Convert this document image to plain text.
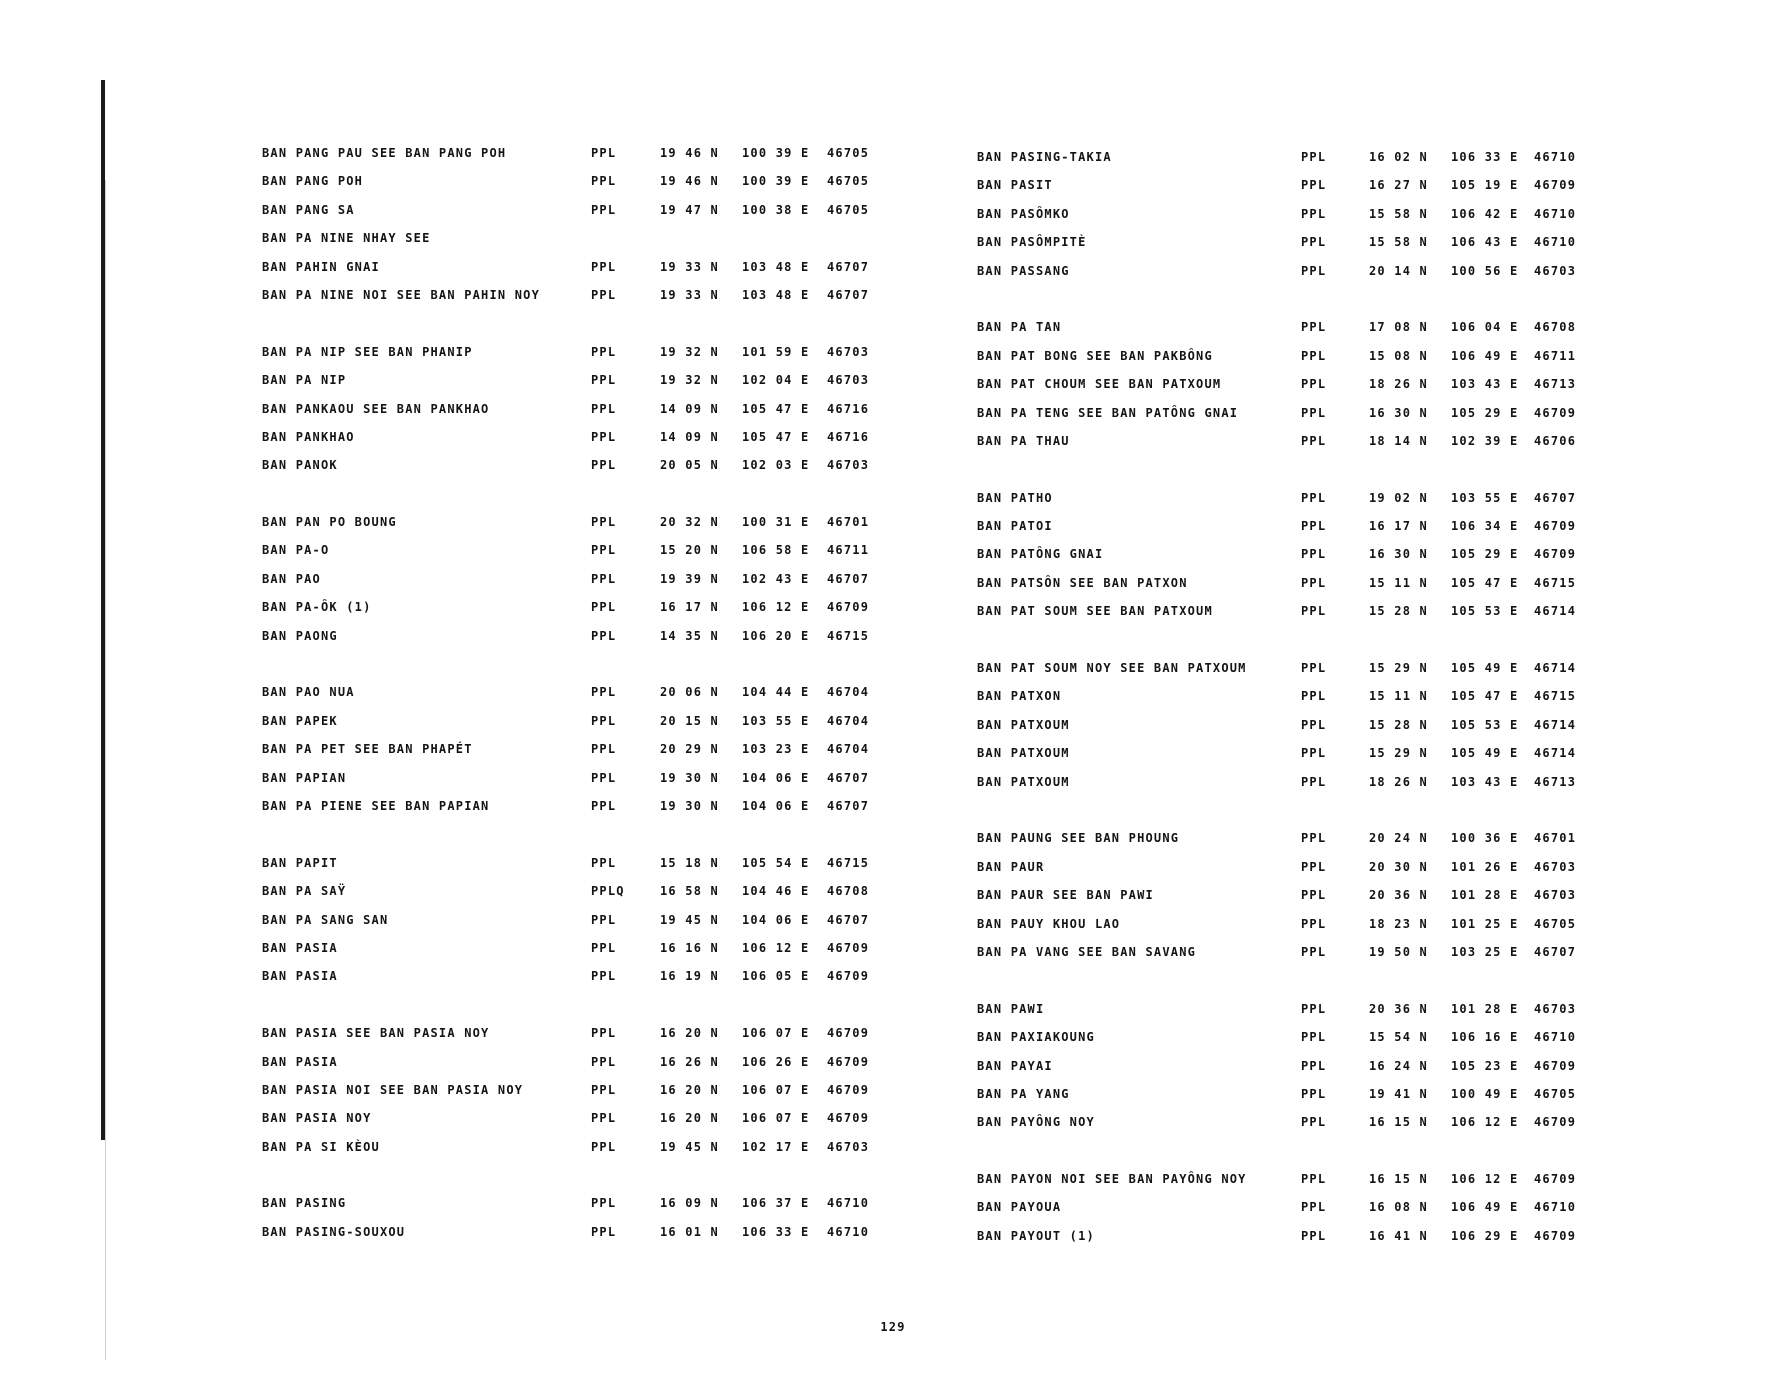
BAN PANG PAU SEE BAN PANG POH	PPL	19 46 N 100 39 E 46705
BAN PANG POH	PPL	19 46 N 100 39 E 46705
BAN PANG SA	PPL	19 47 N 100 38 E 46705
BAN PA NINE NHAY SEE
BAN PAHIN GNAI	PPL	19 33 N 103 48 E 46707
BAN PA NINE NOI SEE BAN PAHIN NOY	PPL	19 33 N 103 48 E 46707
BAN PA NIP SEE BAN PHANIP	PPL	19 32 N 101 59 E 46703
BAN PA NIP	PPL	19 32 N 102 04 E 46703
BAN PANKAOU SEE BAN PANKHAO	PPL	14 09 N 105 47 E 46716
BAN PANKHAO	PPL	14 09 N 105 47 E 46716
BAN PANOK	PPL	20 05 N 102 03 E 46703
BAN PAN PO BOUNG	PPL	20 32 N 100 31 E 46701
BAN PA-O	PPL	15 20 N 106 58 E 46711
BAN PAO	PPL	19 39 N 102 43 E 46707
BAN PA-ÔK (1)	PPL	16 17 N 106 12 E 46709
BAN PAONG	PPL	14 35 N 106 20 E 46715
BAN PAO NUA	PPL	20 06 N 104 44 E 46704
BAN PAPEK	PPL	20 15 N 103 55 E 46704
BAN PA PET SEE BAN PHAPÉT	PPL	20 29 N 103 23 E 46704
BAN PAPIAN	PPL	19 30 N 104 06 E 46707
BAN PA PIENE SEE BAN PAPIAN	PPL	19 30 N 104 06 E 46707
BAN PAPIT	PPL	15 18 N 105 54 E 46715
BAN PA SAŸ	PPLQ	16 58 N 104 46 E 46708
BAN PA SANG SAN	PPL	19 45 N 104 06 E 46707
BAN PASIA	PPL	16 16 N 106 12 E 46709
BAN PASIA	PPL	16 19 N 106 05 E 46709
BAN PASIA SEE BAN PASIA NOY	PPL	16 20 N 106 07 E 46709
BAN PASIA	PPL	16 26 N 106 26 E 46709
BAN PASIA NOI SEE BAN PASIA NOY	PPL	16 20 N 106 07 E 46709
BAN PASIA NOY	PPL	16 20 N 106 07 E 46709
BAN PA SI KÈOU	PPL	19 45 N 102 17 E 46703
BAN PASING	PPL	16 09 N 106 37 E 46710
BAN PASING-SOUXOU	PPL	16 01 N 106 33 E 46710
BAN PASING-TAKIA	PPL	16 02 N 106 33 E 46710
BAN PASIT	PPL	16 27 N 105 19 E 46709
BAN PASÔMKO	PPL	15 58 N 106 42 E 46710
BAN PASÔMPITÈ	PPL	15 58 N 106 43 E 46710
BAN PASSANG	PPL	20 14 N 100 56 E 46703
BAN PA TAN	PPL	17 08 N 106 04 E 46708
BAN PAT BONG SEE BAN PAKBÔNG	PPL	15 08 N 106 49 E 46711
BAN PAT CHOUM SEE BAN PATXOUM	PPL	18 26 N 103 43 E 46713
BAN PA TENG SEE BAN PATÔNG GNAI	PPL	16 30 N 105 29 E 46709
BAN PA THAU	PPL	18 14 N 102 39 E 46706
BAN PATHO	PPL	19 02 N 103 55 E 46707
BAN PATOI	PPL	16 17 N 106 34 E 46709
BAN PATÔNG GNAI	PPL	16 30 N 105 29 E 46709
BAN PATSÔN SEE BAN PATXON	PPL	15 11 N 105 47 E 46715
BAN PAT SOUM SEE BAN PATXOUM	PPL	15 28 N 105 53 E 46714
BAN PAT SOUM NOY SEE BAN PATXOUM	PPL	15 29 N 105 49 E 46714
BAN PATXON	PPL	15 11 N 105 47 E 46715
BAN PATXOUM	PPL	15 28 N 105 53 E 46714
BAN PATXOUM	PPL	15 29 N 105 49 E 46714
BAN PATXOUM	PPL	18 26 N 103 43 E 46713
BAN PAUNG SEE BAN PHOUNG	PPL	20 24 N 100 36 E 46701
BAN PAUR	PPL	20 30 N 101 26 E 46703
BAN PAUR SEE BAN PAWI	PPL	20 36 N 101 28 E 46703
BAN PAUY KHOU LAO	PPL	18 23 N 101 25 E 46705
BAN PA VANG SEE BAN SAVANG	PPL	19 50 N 103 25 E 46707
BAN PAWI	PPL	20 36 N 101 28 E 46703
BAN PAXIAKOUNG	PPL	15 54 N 106 16 E 46710
BAN PAYAI	PPL	16 24 N 105 23 E 46709
BAN PA YANG	PPL	19 41 N 100 49 E 46705
BAN PAYÔNG NOY	PPL	16 15 N 106 12 E 46709
BAN PAYON NOI SEE BAN PAYÔNG NOY	PPL	16 15 N 106 12 E 46709
BAN PAYOUA	PPL	16 08 N 106 49 E 46710
BAN PAYOUT (1)	PPL	16 41 N 106 29 E 46709
129
